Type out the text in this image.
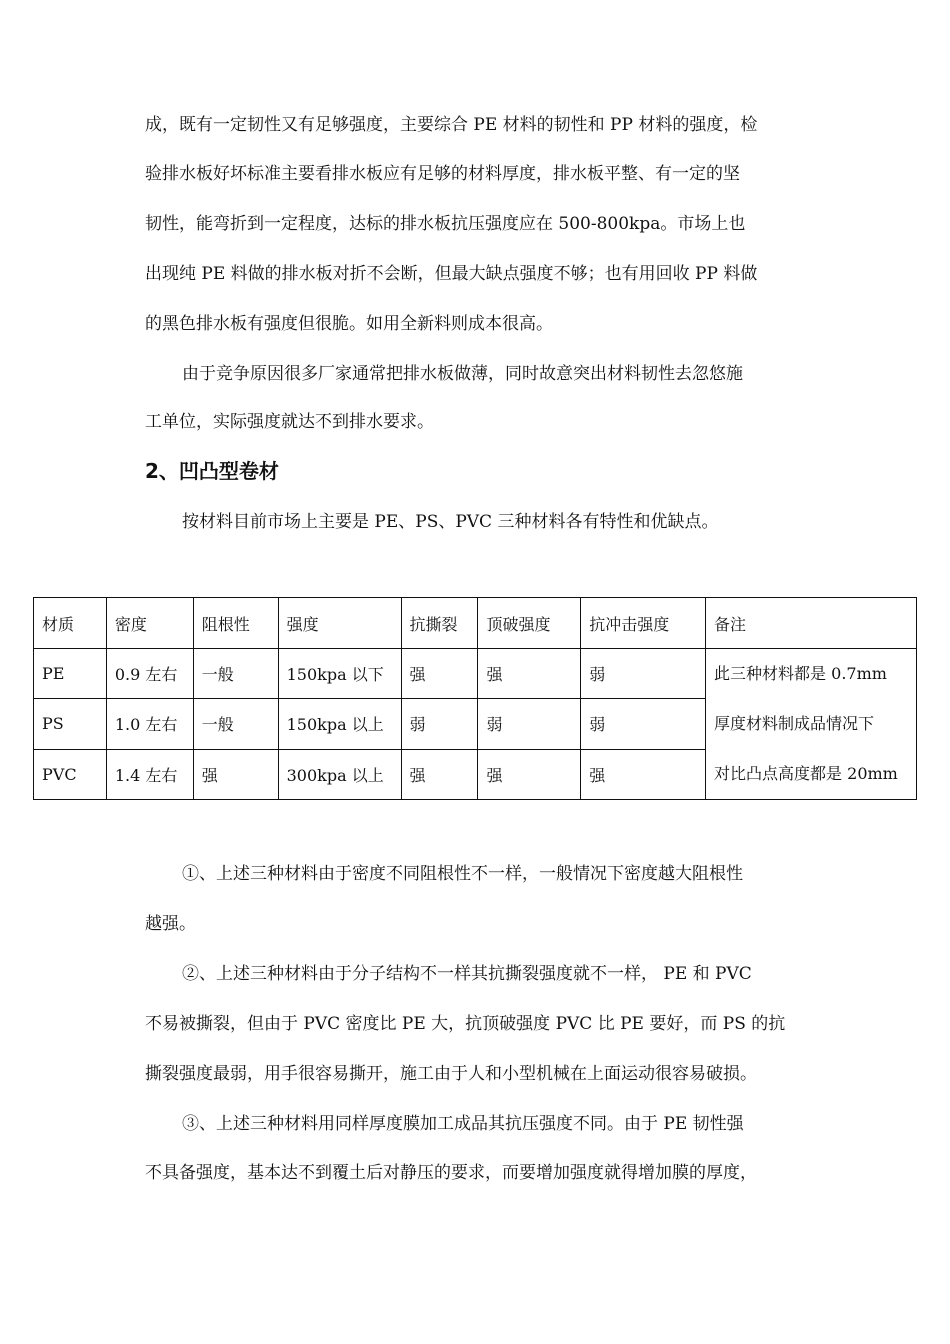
成，既有一定韧性又有足够强度，主要综合 PE 材料的韧性和 PP 材料的强度，检
验排水板好坏标准主要看排水板应有足够的材料厚度，排水板平整、有一定的坚
韧性，能弯折到一定程度，达标的排水板抗压强度应在 500-800kpa。市场上也
出现纯 PE 料做的排水板对折不会断，但最大缺点强度不够；也有用回收 PP 料做
的黑色排水板有强度但很脆。如用全新料则成本很高。
由于竞争原因很多厂家通常把排水板做薄，同时故意突出材料韧性去忽悠施
工单位，实际强度就达不到排水要求。
2、凹凸型卷材
按材料目前市场上主要是 PE、PS、PVC 三种材料各有特性和优缺点。
材质	密度	阻根性	强度	抗撕裂	顶破强度	抗冲击强度	备注
PE	0.9 左右	一般	150kpa 以下	强	强	弱	此三种材料都是 0.7mm
厚度材料制成品情况下
对比凸点高度都是 20mm

PS	1.0 左右	一般	150kpa 以上	弱	弱	弱	
PVC	1.4 左右	强	300kpa 以上	强	强	强	
①、上述三种材料由于密度不同阻根性不一样，一般情况下密度越大阻根性
越强。
②、上述三种材料由于分子结构不一样其抗撕裂强度就不一样， PE 和 PVC
不易被撕裂，但由于 PVC 密度比 PE 大，抗顶破强度 PVC 比 PE 要好，而 PS 的抗
撕裂强度最弱，用手很容易撕开，施工由于人和小型机械在上面运动很容易破损。
③、上述三种材料用同样厚度膜加工成品其抗压强度不同。由于 PE 韧性强
不具备强度，基本达不到覆土后对静压的要求，而要增加强度就得增加膜的厚度，
